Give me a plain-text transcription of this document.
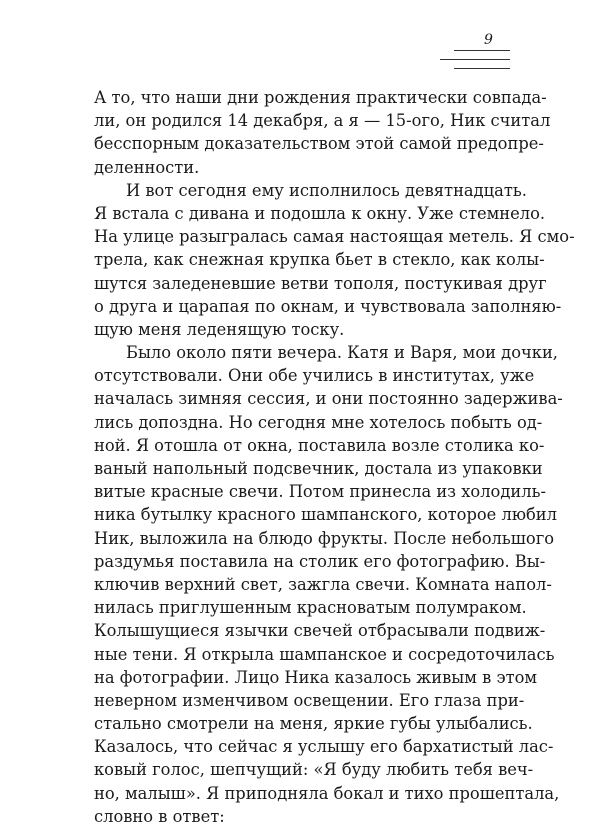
9
А то, что наши дни рождения практически совпада-
ли, он родился 14 декабря, а я — 15-ого, Ник считал
бесспорным доказательством этой самой предопре-
деленности.
И вот сегодня ему исполнилось девятнадцать.
Я встала с дивана и подошла к окну. Уже стемнело.
На улице разыгралась самая настоящая метель. Я смо-
трела, как снежная крупка бьет в стекло, как колы-
шутся заледеневшие ветви тополя, постукивая друг
о друга и царапая по окнам, и чувствовала заполняю-
щую меня леденящую тоску.
Было около пяти вечера. Катя и Варя, мои дочки,
отсутствовали. Они обе учились в институтах, уже
началась зимняя сессия, и они постоянно задержива-
лись допоздна. Но сегодня мне хотелось побыть од-
ной. Я отошла от окна, поставила возле столика ко-
ваный напольный подсвечник, достала из упаковки
витые красные свечи. Потом принесла из холодиль-
ника бутылку красного шампанского, которое любил
Ник, выложила на блюдо фрукты. После небольшого
раздумья поставила на столик его фотографию. Вы-
ключив верхний свет, зажгла свечи. Комната напол-
нилась приглушенным красноватым полумраком.
Колышущиеся язычки свечей отбрасывали подвиж-
ные тени. Я открыла шампанское и сосредоточилась
на фотографии. Лицо Ника казалось живым в этом
неверном изменчивом освещении. Его глаза при-
стально смотрели на меня, яркие губы улыбались.
Казалось, что сейчас я услышу его бархатистый лас-
ковый голос, шепчущий: «Я буду любить тебя веч-
но, малыш». Я приподняла бокал и тихо прошептала,
словно в ответ:
